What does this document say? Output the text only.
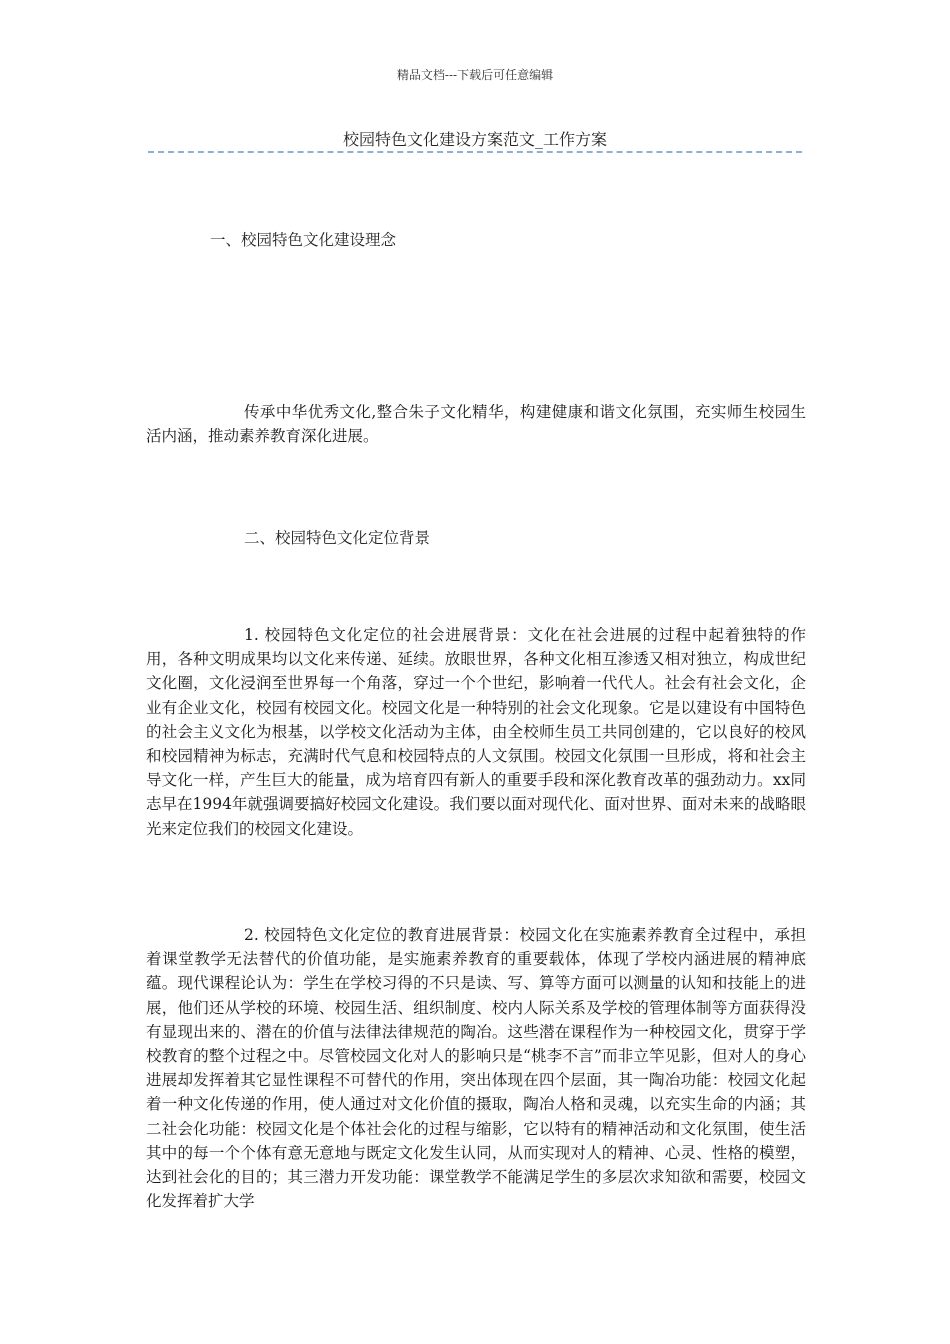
精品文档---下载后可任意编辑
校园特色文化建设方案范文_工作方案
一、校园特色文化建设理念
传承中华优秀文化,整合朱子文化精华，构建健康和谐文化氛围，充实师生校园生活内涵，推动素养教育深化进展。
二、校园特色文化定位背景
1. 校园特色文化定位的社会进展背景：文化在社会进展的过程中起着独特的作用，各种文明成果均以文化来传递、延续。放眼世界，各种文化相互渗透又相对独立，构成世纪文化圈，文化浸润至世界每一个角落，穿过一个个世纪，影响着一代代人。社会有社会文化，企业有企业文化，校园有校园文化。校园文化是一种特别的社会文化现象。它是以建设有中国特色的社会主义文化为根基，以学校文化活动为主体，由全校师生员工共同创建的，它以良好的校风和校园精神为标志，充满时代气息和校园特点的人文氛围。校园文化氛围一旦形成，将和社会主导文化一样，产生巨大的能量，成为培育四有新人的重要手段和深化教育改革的强劲动力。xx同志早在1994年就强调要搞好校园文化建设。我们要以面对现代化、面对世界、面对未来的战略眼光来定位我们的校园文化建设。
2. 校园特色文化定位的教育进展背景：校园文化在实施素养教育全过程中，承担着课堂教学无法替代的价值功能，是实施素养教育的重要载体，体现了学校内涵进展的精神底蕴。现代课程论认为：学生在学校习得的不只是读、写、算等方面可以测量的认知和技能上的进展，他们还从学校的环境、校园生活、组织制度、校内人际关系及学校的管理体制等方面获得没有显现出来的、潜在的价值与法律法律规范的陶冶。这些潜在课程作为一种校园文化，贯穿于学校教育的整个过程之中。尽管校园文化对人的影响只是“桃李不言”而非立竿见影，但对人的身心进展却发挥着其它显性课程不可替代的作用，突出体现在四个层面，其一陶冶功能：校园文化起着一种文化传递的作用，使人通过对文化价值的摄取，陶冶人格和灵魂，以充实生命的内涵；其二社会化功能：校园文化是个体社会化的过程与缩影，它以特有的精神活动和文化氛围，使生活其中的每一个个体有意无意地与既定文化发生认同，从而实现对人的精神、心灵、性格的模塑，达到社会化的目的；其三潜力开发功能：课堂教学不能满足学生的多层次求知欲和需要，校园文化发挥着扩大学
